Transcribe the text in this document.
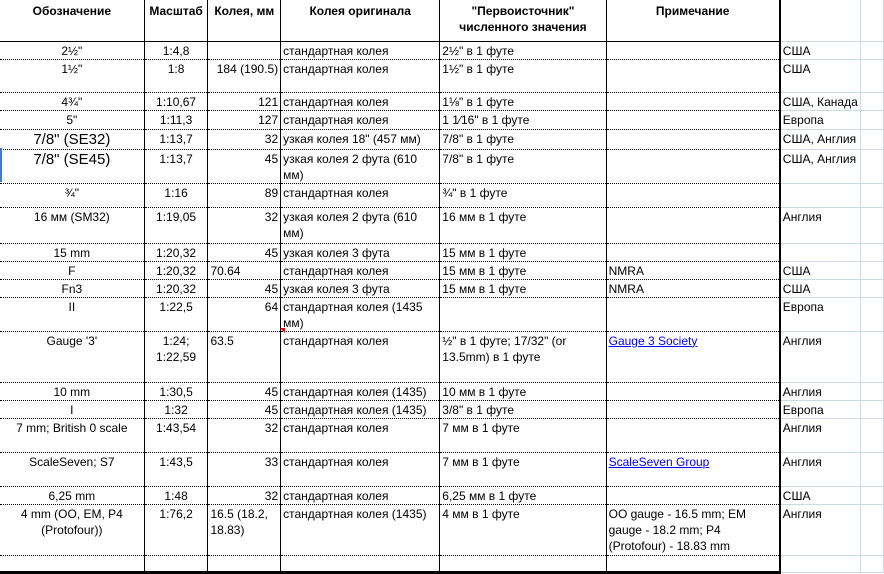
Обозначение	Масштаб	Колея, мм	Колея оригинала	"Первоисточник" численного значения	Примечание		
2½"	1:4,8		стандартная колея	2½" в 1 футе		США	
1½"	1:8	184 (190.5)	стандартная колея	1½" в 1 футе		США	
4¾"	1:10,67	121	стандартная колея	1⅛" в 1 футе		США, Канада	
5"	1:11,3	127	стандартная колея	1 1⁄16" в 1 футе		Европа	
7/8" (SE32)	1:13,7	32	узкая колея 18" (457 мм)	7/8" в 1 футе		США, Англия	
7/8" (SE45)	1:13,7	45	узкая колея 2 фута (610 мм)	7/8" в 1 футе		США, Англия	
¾"	1:16	89	стандартная колея	¾" в 1 футе			
16 мм (SM32)	1:19,05	32	узкая колея 2 фута (610 мм)	16 мм в 1 футе		Англия	
15 mm	1:20,32	45	узкая колея 3 фута	15 мм в 1 футе			
F	1:20,32	70.64	стандартная колея	15 мм в 1 футе	NMRA	США	
Fn3	1:20,32	45	узкая колея 3 фута	15 мм в 1 футе	NMRA	США	
II	1:22,5	64	стандартная колея (1435 мм)			Европа	
Gauge '3'	1:24; 1:22,59	63.5	стандартная колея	½" в 1 футе; 17/32" (or 13.5mm) в 1 футе	Gauge 3 Society	Англия	
10 mm	1:30,5	45	стандартная колея (1435)	10 мм в 1 футе		Англия	
I	1:32	45	стандартная колея (1435)	3/8" в 1 футе		Европа	
7 mm; British 0 scale	1:43,54	32	стандартная колея	7 мм в 1 футе		Англия	
ScaleSeven; S7	1:43,5	33	стандартная колея	7 мм в 1 футе	ScaleSeven Group	Англия	
6,25 mm	1:48	32	стандартная колея	6,25 мм в 1 футе		США	
4 mm (OO, EM, P4 (Protofour))	1:76,2	16.5 (18.2, 18.83)	стандартная колея (1435)	4 мм в 1 футе	OO gauge - 16.5 mm; EM gauge - 18.2 mm; P4 (Protofour) - 18.83 mm	Англия	
